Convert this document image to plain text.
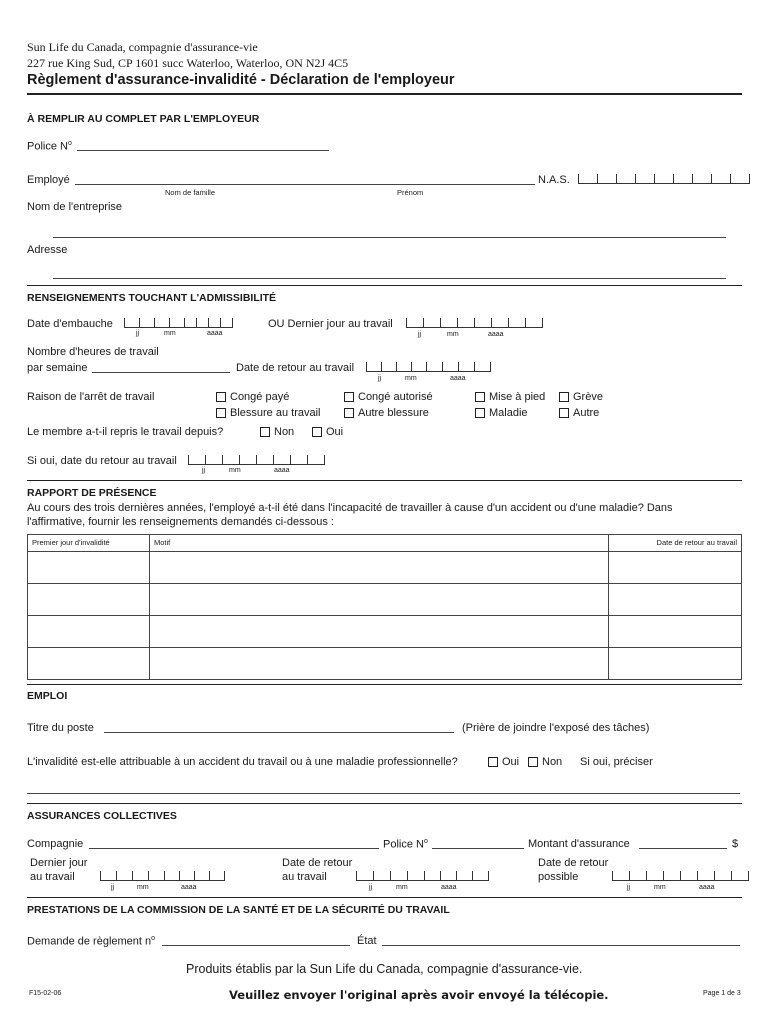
Sun Life du Canada, compagnie d'assurance-vie
227 rue King Sud, CP 1601 succ Waterloo, Waterloo, ON N2J 4C5
Règlement d'assurance-invalidité - Déclaration de l'employeur
À REMPLIR AU COMPLET PAR L'EMPLOYEUR
Police $N^o$
Employé
Nom de famille	Prénom
N.A.S.
Nom de l'entreprise
Adresse
RENSEIGNEMENTS TOUCHANT L'ADMISSIBILITÉ
Date d'embauche
jj	mm	aaaa
OU Dernier jour au travail
jj	mm	aaaa
Nombre d'heures de travail
par semaine	Date de retour au travail
jj	mm	aaaa
Raison de l'arrêt de travail	Congé payé	Congé autorisé	Mise à pied	Grève
Blessure au travail	Autre blessure	Maladie	Autre
Le membre a-t-il repris le travail depuis?	Non	Oui
Si oui, date du retour au travail
jj	mm	aaaa
RAPPORT DE PRÉSENCE
Au cours des trois dernières années, l'employé a-t-il été dans l'incapacité de travailler à cause d'un accident ou d'une maladie? Dans
l'affirmative, fournir les renseignements demandés ci-dessous :
Premier jour d'invalidité	Motif	Date de retour au travail

EMPLOI
Titre du poste	(Prière de joindre l'exposé des tâches)
L'invalidité est-elle attribuable à un accident du travail ou à une maladie professionnelle?	Oui Non Si oui, préciser
ASSURANCES COLLECTIVES
Compagnie	Police $N^o$	Montant d'assurance	$
Dernier jour
au travail
jj	mm	aaaa
Date de retour
au travail
jj	mm	aaaa
Date de retour
possible
jj	mm	aaaa
PRESTATIONS DE LA COMMISSION DE LA SANTÉ ET DE LA SÉCURITÉ DU TRAVAIL
Demande de règlement $n^o$	État
Produits établis par la Sun Life du Canada, compagnie d'assurance-vie.
F15-02-06	Veuillez envoyer l'original après avoir envoyé la télécopie.	Page 1 de 3
